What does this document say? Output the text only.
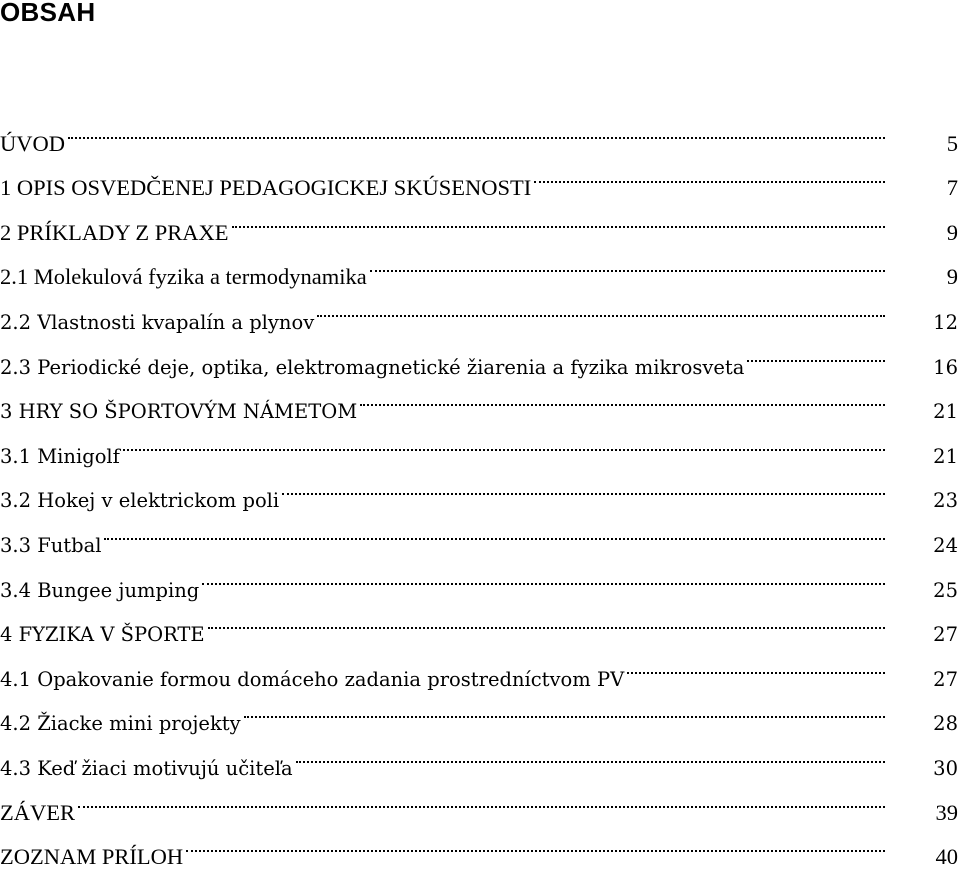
OBSAH
ÚVOD	5
1 OPIS OSVEDČENEJ PEDAGOGICKEJ SKÚSENOSTI	7
2 PRÍKLADY Z PRAXE	9
2.1 Molekulová fyzika a termodynamika	9
2.2 Vlastnosti kvapalín a plynov	12
2.3 Periodické deje, optika, elektromagnetické žiarenia a fyzika mikrosveta	16
3 HRY SO ŠPORTOVÝM NÁMETOM	21
3.1 Minigolf	21
3.2 Hokej v elektrickom poli	23
3.3 Futbal	24
3.4 Bungee jumping	25
4 FYZIKA V ŠPORTE	27
4.1 Opakovanie formou domáceho zadania prostredníctvom PV	27
4.2 Žiacke mini projekty	28
4.3 Keď žiaci motivujú učiteľa	30
ZÁVER	39
ZOZNAM PRÍLOH	40
